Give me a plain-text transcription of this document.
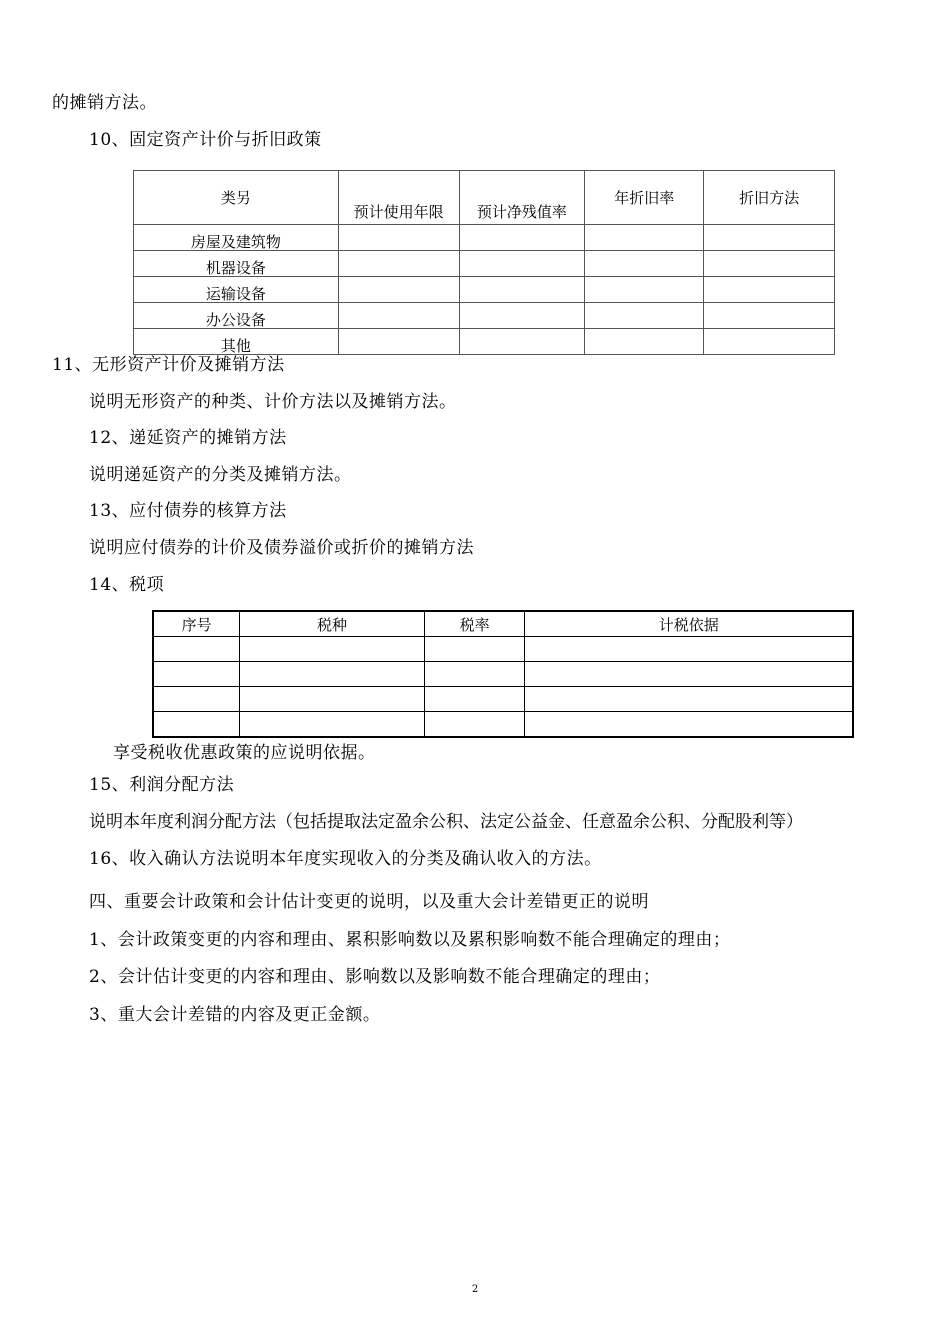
的摊销方法。
10、固定资产计价与折旧政策
类另	预计使用年限	预计净残值率	年折旧率	折旧方法
房屋及建筑物				
机器设备				
运输设备				
办公设备				
其他				
11、无形资产计价及摊销方法
说明无形资产的种类、计价方法以及摊销方法。
12、递延资产的摊销方法
说明递延资产的分类及摊销方法。
13、应付债券的核算方法
说明应付债券的计价及债券溢价或折价的摊销方法
14、税项
序号	税种	税率	计税依据

享受税收优惠政策的应说明依据。
15、利润分配方法
说明本年度利润分配方法（包括提取法定盈余公积、法定公益金、任意盈余公积、分配股利等）
16、收入确认方法说明本年度实现收入的分类及确认收入的方法。
四、重要会计政策和会计估计变更的说明，以及重大会计差错更正的说明
1、会计政策变更的内容和理由、累积影响数以及累积影响数不能合理确定的理由；
2、会计估计变更的内容和理由、影响数以及影响数不能合理确定的理由；
3、重大会计差错的内容及更正金额。
2
